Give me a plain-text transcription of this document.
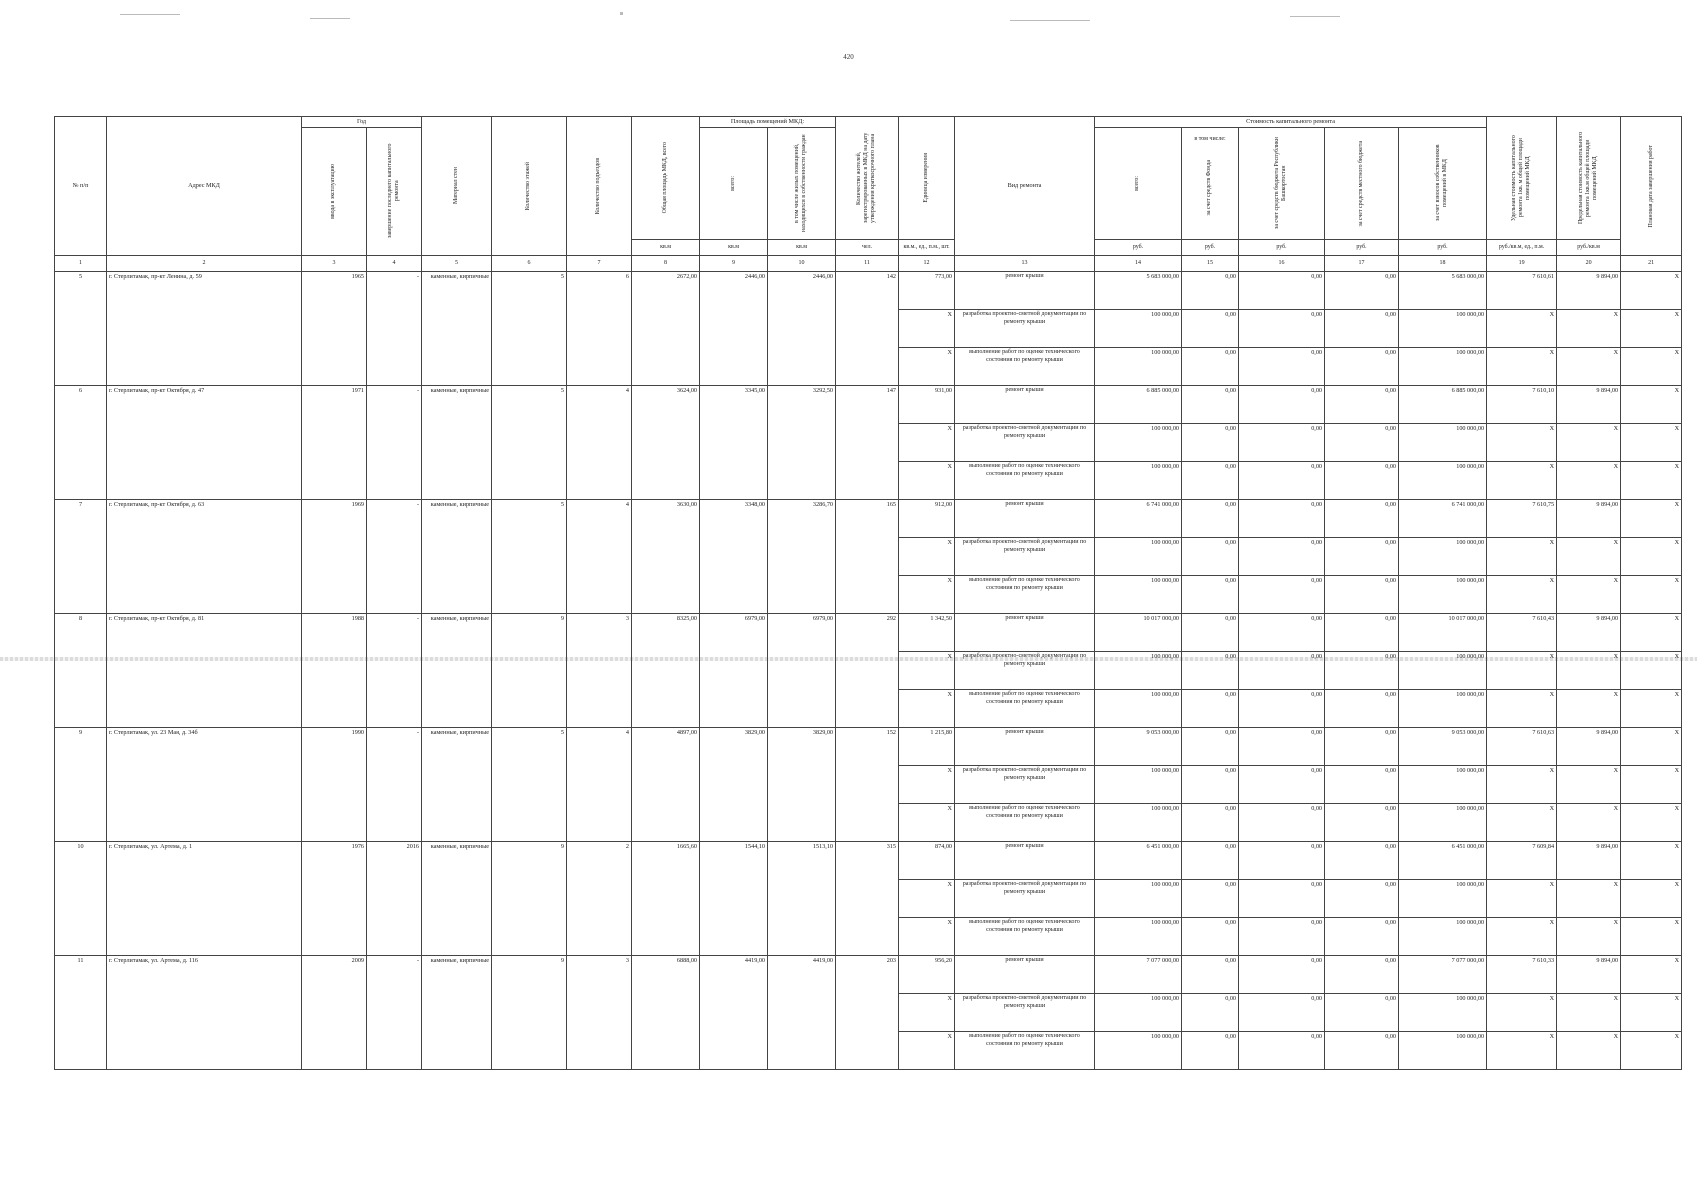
420
№ п/п	Адрес МКД	Год		Материал стен	Количество этажей	Количество подъездов	Общая площадь МКД, всего	Площадь помещений МКД:		Количество жителей, зарегистрированных в МКД на дату утверждения краткосрочного плана	Единица измерения	Вид ремонта	Стоимость капитального ремонта					Удельная стоимость капитального ремонта 1кв. м общей площади помещений МКД	Предельная стоимость капитального ремонта 1кв.м общей площади помещений МКД	Плановая дата завершения работ

		ввода в эксплуатацию	завершение последнего капитального ремонта					всего:	в том числе жилых помещений, находящихся в собственности граждан				всего:	в том числе:
за счет средств Фонда	за счет средств бюджета Республики Башкортостан	за счет средств местного бюджета	за счет взносов собственников помещений в МКД			

							кв.м	кв.м	кв.м	чел.	кв.м., ед., п.м., шт.		руб.	руб.	руб.	руб.	руб.	руб./кв.м, ед., п.м.	руб./кв.м	
1	2	3	4	5	6	7	8	9	10	11	12	13	14	15	16	17	18	19	20	21
5	г. Стерлитамак, пр-кт Ленина, д. 59	1965	-	каменные, кирпичные	5	6	2672,00	2446,00	2446,00	142	773,00	ремонт крыши	5 683 000,00	0,00	0,00	0,00	5 683 000,00	7 610,61	9 894,00	X
											X	разработка проектно-сметной документации по ремонту крыши	100 000,00	0,00	0,00	0,00	100 000,00	X	X	X
											X	выполнение работ по оценке технического состояния по ремонту крыши	100 000,00	0,00	0,00	0,00	100 000,00	X	X	X
6	г. Стерлитамак, пр-кт Октября, д. 47	1971	-	каменные, кирпичные	5	4	3624,00	3345,00	3292,50	147	931,00	ремонт крыши	6 885 000,00	0,00	0,00	0,00	6 885 000,00	7 610,10	9 894,00	X
											X	разработка проектно-сметной документации по ремонту крыши	100 000,00	0,00	0,00	0,00	100 000,00	X	X	X
											X	выполнение работ по оценке технического состояния по ремонту крыши	100 000,00	0,00	0,00	0,00	100 000,00	X	X	X
7	г. Стерлитамак, пр-кт Октября, д. 63	1969	-	каменные, кирпичные	5	4	3630,00	3348,00	3286,70	165	912,00	ремонт крыши	6 741 000,00	0,00	0,00	0,00	6 741 000,00	7 610,75	9 894,00	X
											X	разработка проектно-сметной документации по ремонту крыши	100 000,00	0,00	0,00	0,00	100 000,00	X	X	X
											X	выполнение работ по оценке технического состояния по ремонту крыши	100 000,00	0,00	0,00	0,00	100 000,00	X	X	X
8	г. Стерлитамак, пр-кт Октября, д. 81	1988	-	каменные, кирпичные	9	3	8325,00	6979,00	6979,00	292	1 342,50	ремонт крыши	10 017 000,00	0,00	0,00	0,00	10 017 000,00	7 610,43	9 894,00	X
											X	разработка проектно-сметной документации по ремонту крыши	100 000,00	0,00	0,00	0,00	100 000,00	X	X	X
											X	выполнение работ по оценке технического состояния по ремонту крыши	100 000,00	0,00	0,00	0,00	100 000,00	X	X	X
9	г. Стерлитамак, ул. 23 Мая, д. 34б	1990	-	каменные, кирпичные	5	4	4897,00	3829,00	3829,00	152	1 215,80	ремонт крыши	9 053 000,00	0,00	0,00	0,00	9 053 000,00	7 610,63	9 894,00	X
											X	разработка проектно-сметной документации по ремонту крыши	100 000,00	0,00	0,00	0,00	100 000,00	X	X	X
											X	выполнение работ по оценке технического состояния по ремонту крыши	100 000,00	0,00	0,00	0,00	100 000,00	X	X	X
10	г. Стерлитамак, ул. Артема, д. 1	1976	2016	каменные, кирпичные	9	2	1665,60	1544,10	1513,10	315	874,00	ремонт крыши	6 451 000,00	0,00	0,00	0,00	6 451 000,00	7 609,84	9 894,00	X
											X	разработка проектно-сметной документации по ремонту крыши	100 000,00	0,00	0,00	0,00	100 000,00	X	X	X
											X	выполнение работ по оценке технического состояния по ремонту крыши	100 000,00	0,00	0,00	0,00	100 000,00	X	X	X
11	г. Стерлитамак, ул. Артема, д. 116	2009	-	каменные, кирпичные	9	3	6888,00	4419,00	4419,00	203	956,20	ремонт крыши	7 077 000,00	0,00	0,00	0,00	7 077 000,00	7 610,33	9 894,00	X
											X	разработка проектно-сметной документации по ремонту крыши	100 000,00	0,00	0,00	0,00	100 000,00	X	X	X
											X	выполнение работ по оценке технического состояния по ремонту крыши	100 000,00	0,00	0,00	0,00	100 000,00	X	X	X
